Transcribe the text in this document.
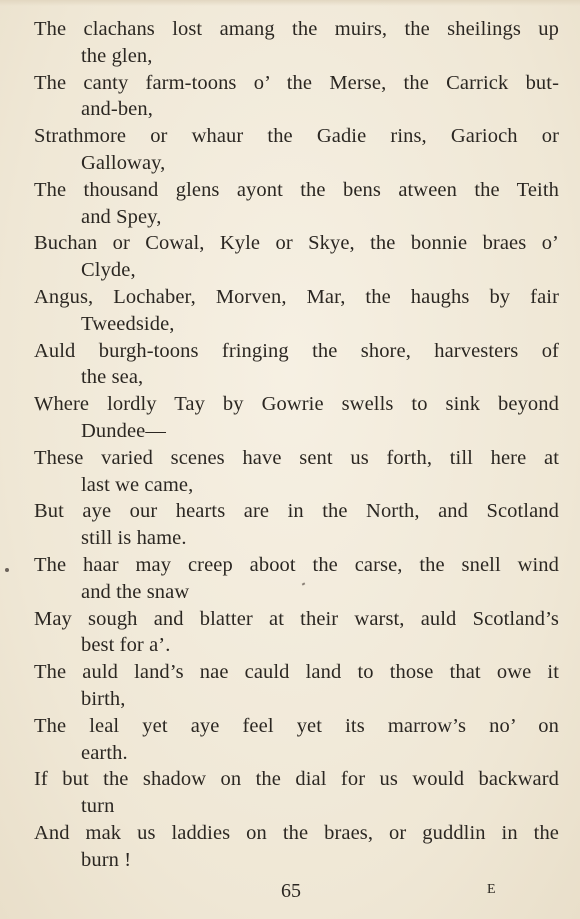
The clachans lost amang the muirs, the sheilings up
the glen,
The canty farm-toons o’ the Merse, the Carrick but-
and-ben,
Strathmore or whaur the Gadie rins, Garioch or
Galloway,
The thousand glens ayont the bens atween the Teith
and Spey,
Buchan or Cowal, Kyle or Skye, the bonnie braes o’
Clyde,
Angus, Lochaber, Morven, Mar, the haughs by fair
Tweedside,
Auld burgh-toons fringing the shore, harvesters of
the sea,
Where lordly Tay by Gowrie swells to sink beyond
Dundee—
These varied scenes have sent us forth, till here at
last we came,
But aye our hearts are in the North, and Scotland
still is hame.
The haar may creep aboot the carse, the snell wind
and the snaw
May sough and blatter at their warst, auld Scotland’s
best for a’.
The auld land’s nae cauld land to those that owe it
birth,
The leal yet aye feel yet its marrow’s no’ on
earth.
If but the shadow on the dial for us would backward
turn
And mak us laddies on the braes, or guddlin in the
burn !
65	E
